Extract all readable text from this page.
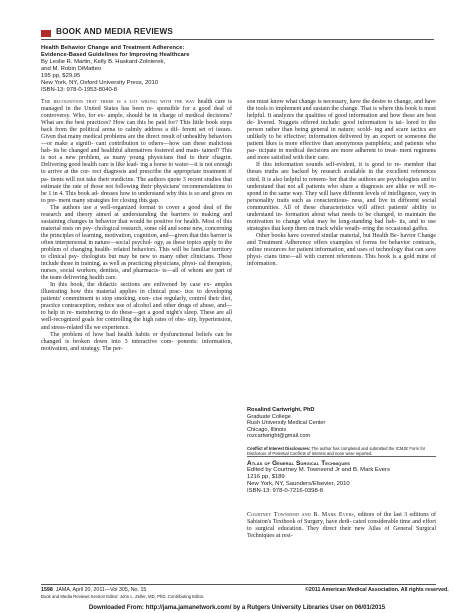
BOOK AND MEDIA REVIEWS
Health Behavior Change and Treatment Adherence:
Evidence-Based Guidelines for Improving Healthcare
By Leslie R. Martin, Kelly B. Haskard-Zolnierek,
and M. Robin DiMatteo
195 pp, $29.95
New York, NY, Oxford University Press, 2010
ISBN-13: 978-0-1953-8040-8

The recognition that there is a lot wrong with the way health care is managed in the United States has been re- sponsible for a good deal of controversy. Who, for ex- ample, should be in charge of medical decisions? What are the best practices? How can this be paid for? This little book steps back from the political arena to calmly address a dif- ferent set of issues. Given that many medical problems are the direct result of unhealthy behaviors—or make a signifi- cant contribution to others—how can these malicious hab- its be changed and healthful alternatives fostered and main- tained? This is not a new problem, as many young physicians find to their chagrin. Delivering good health care is like lead- ing a horse to water—it is not enough to arrive at the cor- rect diagnosis and prescribe the appropriate treatment if pa- tients will not take their medicine. The authors quote 3 recent studies that estimate the rate of those not following their physicians' recommendations to be 1 in 4. This book ad- dresses how to understand why this is so and gives on to pre- ment many strategies for closing this gap.

The authors use a well-organized format to cover a good deal of the research and theory aimed at understanding the barriers to making and sustaining changes in behavior that would be positive for health. Most of this material rests on psy- chological research, some old and some new, concerning the principles of learning, motivation, cognition, and—given that this barrier is often interpersonal in nature—social psychol- ogy, as these topics apply to the problem of changing health- related behaviors. This will be familiar territory to clinical psy- chologists but may be new to many other clinicians. These include those in training, as well as practicing physicians, physi- cal therapists, nurses, social workers, dentists, and pharmacis- ts—all of whom are part of the team delivering health care.

In this book, the didactic sections are enlivened by case ex- amples illustrating how this material applies in clinical prac- tice to developing patients' commitment to stop smoking, exer- cise regularly, control their diet, practice contraception, reduce use of alcohol and other drugs of abuse, and—to help in re- membering to do these—get a good night's sleep. These are all well-recognized goals for controlling the high rates of obe- sity, hypertension, and stress-related ills we experience.

The problem of how bad health habits or dysfunctional beliefs can be changed is broken down into 3 interactive com- ponents: information, motivation, and strategy. The per-

son must know what change is necessary, have the desire to change, and have the tools to implement and sustain the change. That is where this book is most helpful. It analyzes the qualities of good information and how these are best de- livered. Nuggets offered include: good information is tai- lored to the person rather than being general in nature; scold- ing and scare tactics are unlikely to be effective; information delivered by an expert or someone the patient likes is more effective than anonymous pamphlets; and patients who par- ticipate in medical decisions are more adherent to treat- ment regimens and more satisfied with their care.

If this information sounds self-evident, it is good to re- member that theses truths are backed by research available in the excellent references cited. It is also helpful to remem- ber that the authors are psychologists and to understand that not all patients who share a diagnosis are alike or will re- spond in the same way. They will have different levels of intelligence, vary in personality traits such as conscientious- ness, and live in different social communities. All of these characteristics will affect patients' ability to understand in- formation about what needs to be changed, to maintain the motivation to change what may be long-standing bad hab- its, and to use strategies that keep them on track while weath- ering the occasional gaffes.

Other books have covered similar material, but Health Be- havior Change and Treatment Adherence offers examples of forms for behavior contracts, online resources for patient information, and uses of technology that can save physi- cians time—all with current references. This book is a gold mine of information.

Rosalind Cartwright, PhD
Graduate College
Rush University Medical Center
Chicago, Illinois
rozcartwright@gmail.com
Conflict of Interest Disclosures: The author has completed and submitted the ICMJE Form for Disclosure of Potential Conflicts of Interest and none were reported.
Atlas of General Surgical Techniques
Edited by Courtney M. Townsend Jr and B. Mark Evers
1216 pp, $189
New York, NY, Saunders/Elsevier, 2010
ISBN-13: 978-0-7216-0398-8

Courtney Townsend and B. Mark Evers, editors of the last 3 editions of Sabiston's Textbook of Surgery, have dedi- cated considerable time and effort to surgical education. They direct their new Atlas of General Surgical Techniques at resi-

1598 JAMA, April 20, 2011—Vol 305, No. 15	©2011 American Medical Association. All rights reserved.
Book and Media Reviews Section Editor: John L. Zeller, MD, PhD, Contributing Editor.
Downloaded From: http://jama.jamanetwork.com/ by a Rutgers University Libraries User on 06/01/2015
